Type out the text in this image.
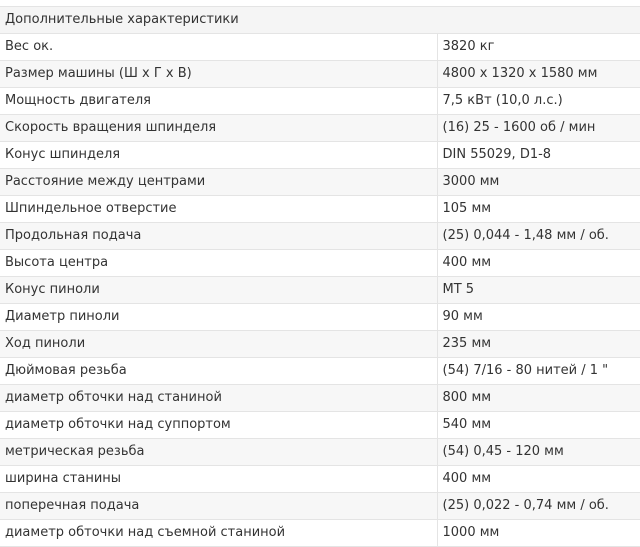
Дополнительные характеристики	
Вес ок.	3820 кг
Размер машины (Ш x Г x В)	4800 x 1320 x 1580 мм
Мощность двигателя	7,5 кВт (10,0 л.с.)
Скорость вращения шпинделя	(16) 25 - 1600 об / мин
Конус шпинделя	DIN 55029, D1-8
Расстояние между центрами	3000 мм
Шпиндельное отверстие	105 мм
Продольная подача	(25) 0,044 - 1,48 мм / об.
Высота центра	400 мм
Конус пиноли	MT 5
Диаметр пиноли	90 мм
Ход пиноли	235 мм
Дюймовая резьба	(54) 7/16 - 80 нитей / 1 "
диаметр обточки над станиной	800 мм
диаметр обточки над суппортом	540 мм
метрическая резьба	(54) 0,45 - 120 мм
ширина станины	400 мм
поперечная подача	(25) 0,022 - 0,74 мм / об.
диаметр обточки над съемной станиной	1000 мм
